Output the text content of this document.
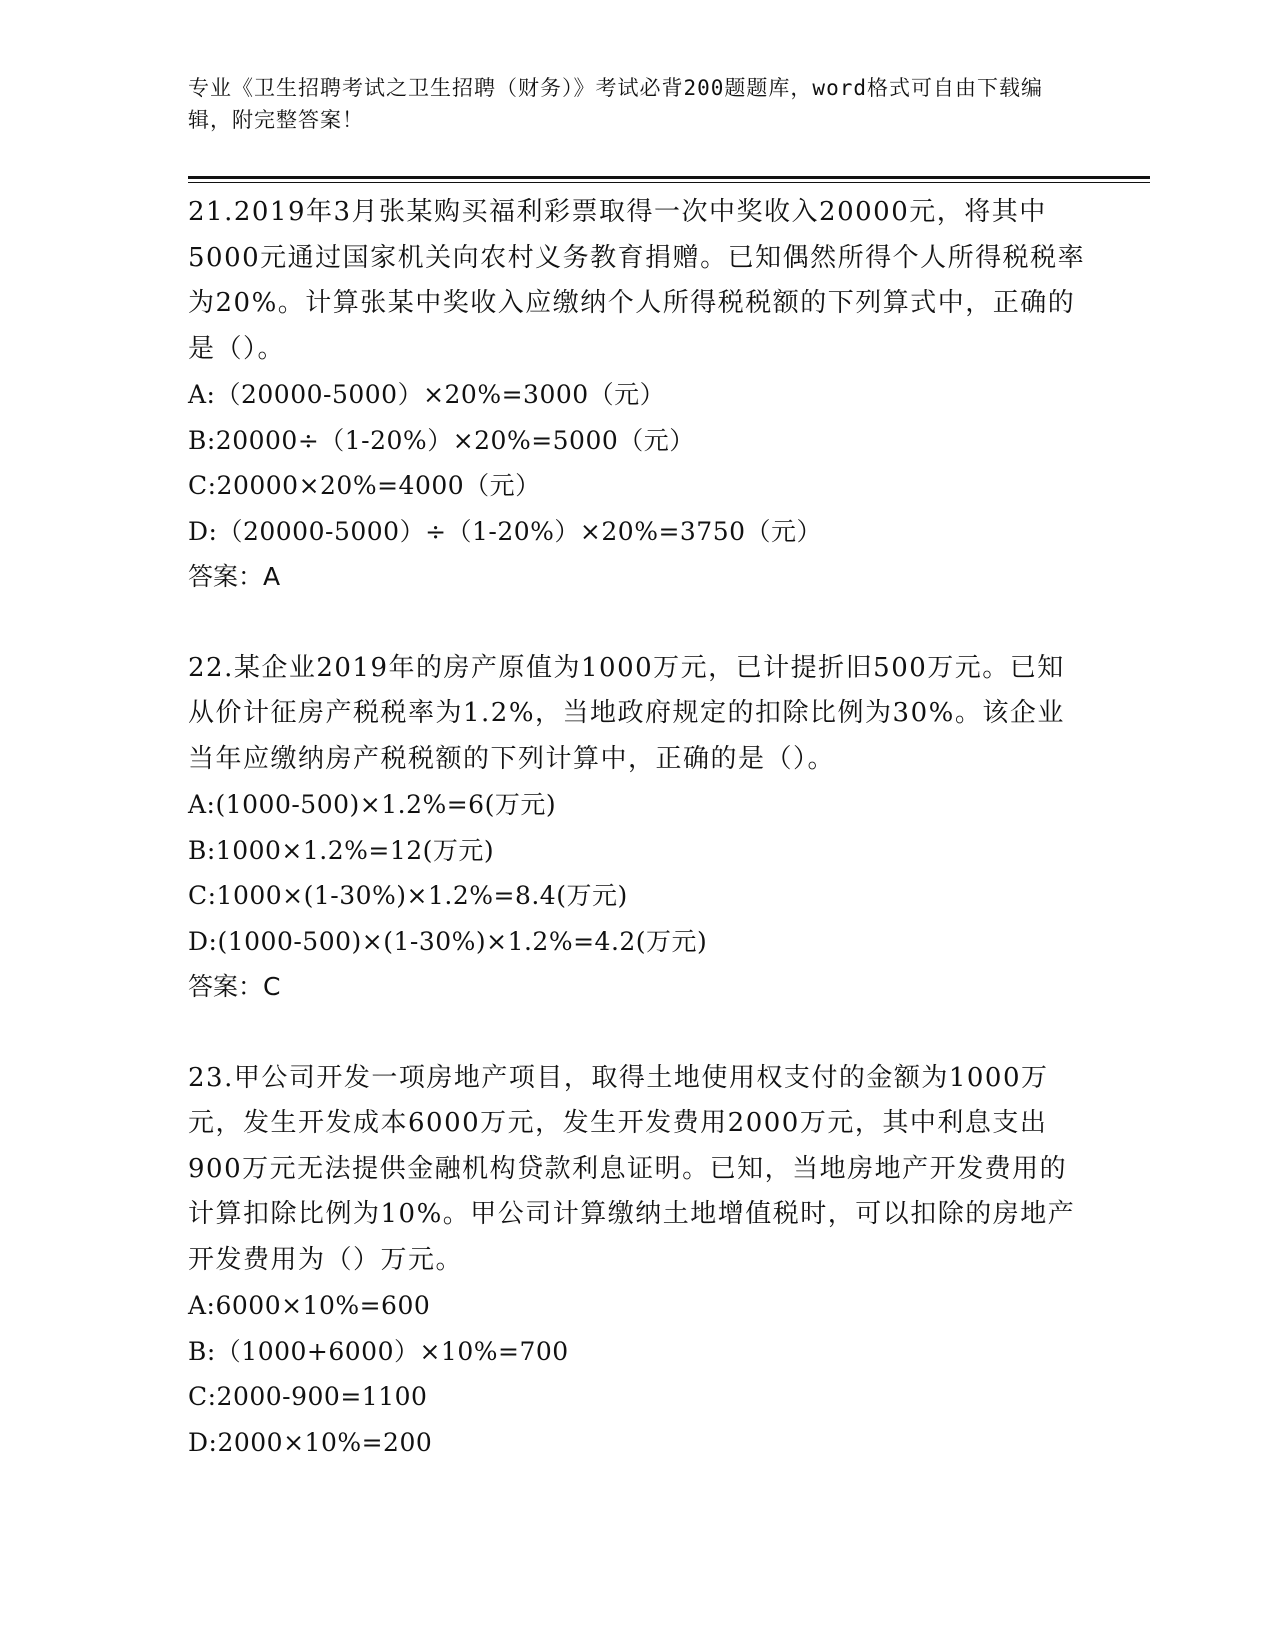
专业《卫生招聘考试之卫生招聘（财务）》考试必背200题题库，word格式可自由下载编辑，附完整答案！

21.2019年3月张某购买福利彩票取得一次中奖收入20000元，将其中5000元通过国家机关向农村义务教育捐赠。已知偶然所得个人所得税税率为20%。计算张某中奖收入应缴纳个人所得税税额的下列算式中，正确的是（）。

A:（20000-5000）×20%=3000（元）

B:20000÷（1-20%）×20%=5000（元）

C:20000×20%=4000（元）

D:（20000-5000）÷（1-20%）×20%=3750（元）

答案：A

22.某企业2019年的房产原值为1000万元，已计提折旧500万元。已知从价计征房产税税率为1.2%，当地政府规定的扣除比例为30%。该企业当年应缴纳房产税税额的下列计算中，正确的是（）。

A:(1000-500)×1.2%=6(万元)

B:1000×1.2%=12(万元)

C:1000×(1-30%)×1.2%=8.4(万元)

D:(1000-500)×(1-30%)×1.2%=4.2(万元)

答案：C

23.甲公司开发一项房地产项目，取得土地使用权支付的金额为1000万元，发生开发成本6000万元，发生开发费用2000万元，其中利息支出900万元无法提供金融机构贷款利息证明。已知，当地房地产开发费用的计算扣除比例为10%。甲公司计算缴纳土地增值税时，可以扣除的房地产开发费用为（）万元。

A:6000×10%=600

B:（1000+6000）×10%=700

C:2000-900=1100

D:2000×10%=200
